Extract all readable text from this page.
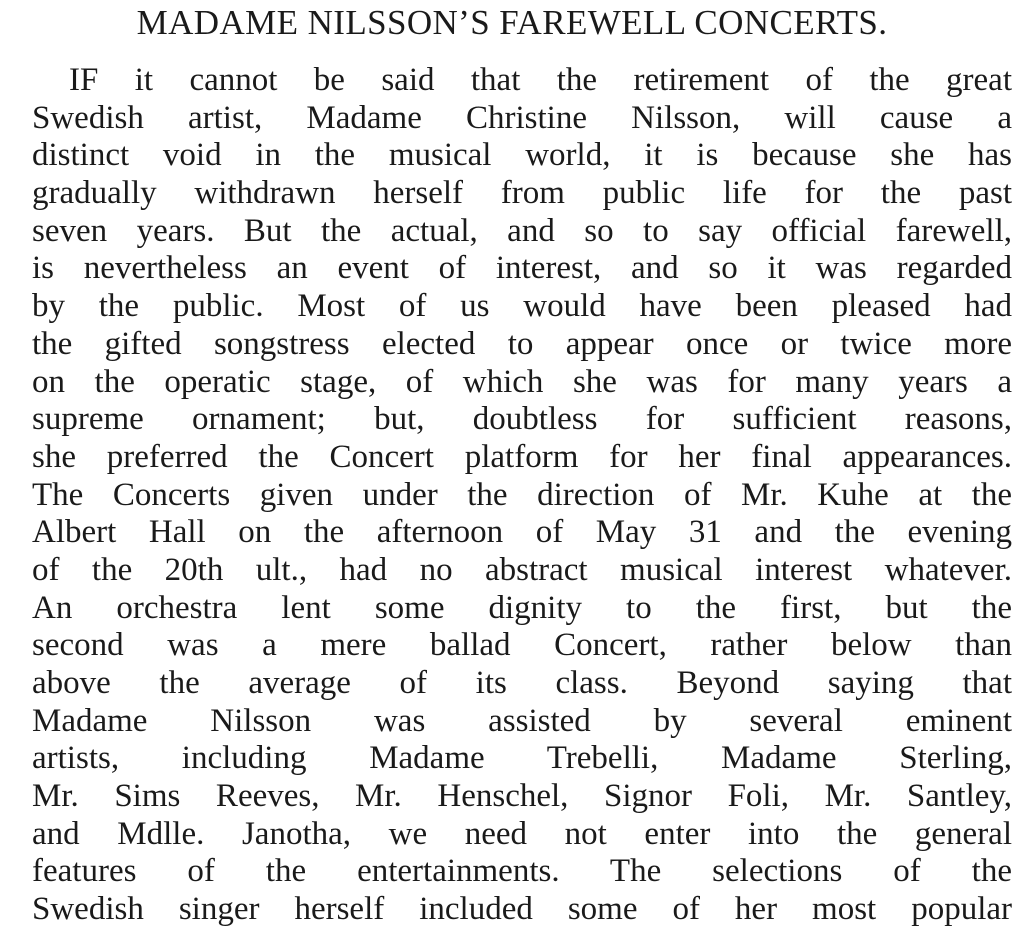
MADAME NILSSON’S FAREWELL CONCERTS.
IF it cannot be said that the retirement of the great
Swedish artist, Madame Christine Nilsson, will cause a
distinct void in the musical world, it is because she has
gradually withdrawn herself from public life for the past
seven years. But the actual, and so to say official farewell,
is nevertheless an event of interest, and so it was regarded
by the public. Most of us would have been pleased had
the gifted songstress elected to appear once or twice more
on the operatic stage, of which she was for many years a
supreme ornament; but, doubtless for sufficient reasons,
she preferred the Concert platform for her final appearances.
The Concerts given under the direction of Mr. Kuhe at the
Albert Hall on the afternoon of May 31 and the evening
of the 20th ult., had no abstract musical interest whatever.
An orchestra lent some dignity to the first, but the
second was a mere ballad Concert, rather below than
above the average of its class. Beyond saying that
Madame Nilsson was assisted by several eminent
artists, including Madame Trebelli, Madame Sterling,
Mr. Sims Reeves, Mr. Henschel, Signor Foli, Mr. Santley,
and Mdlle. Janotha, we need not enter into the general
features of the entertainments. The selections of the
Swedish singer herself included some of her most popular
